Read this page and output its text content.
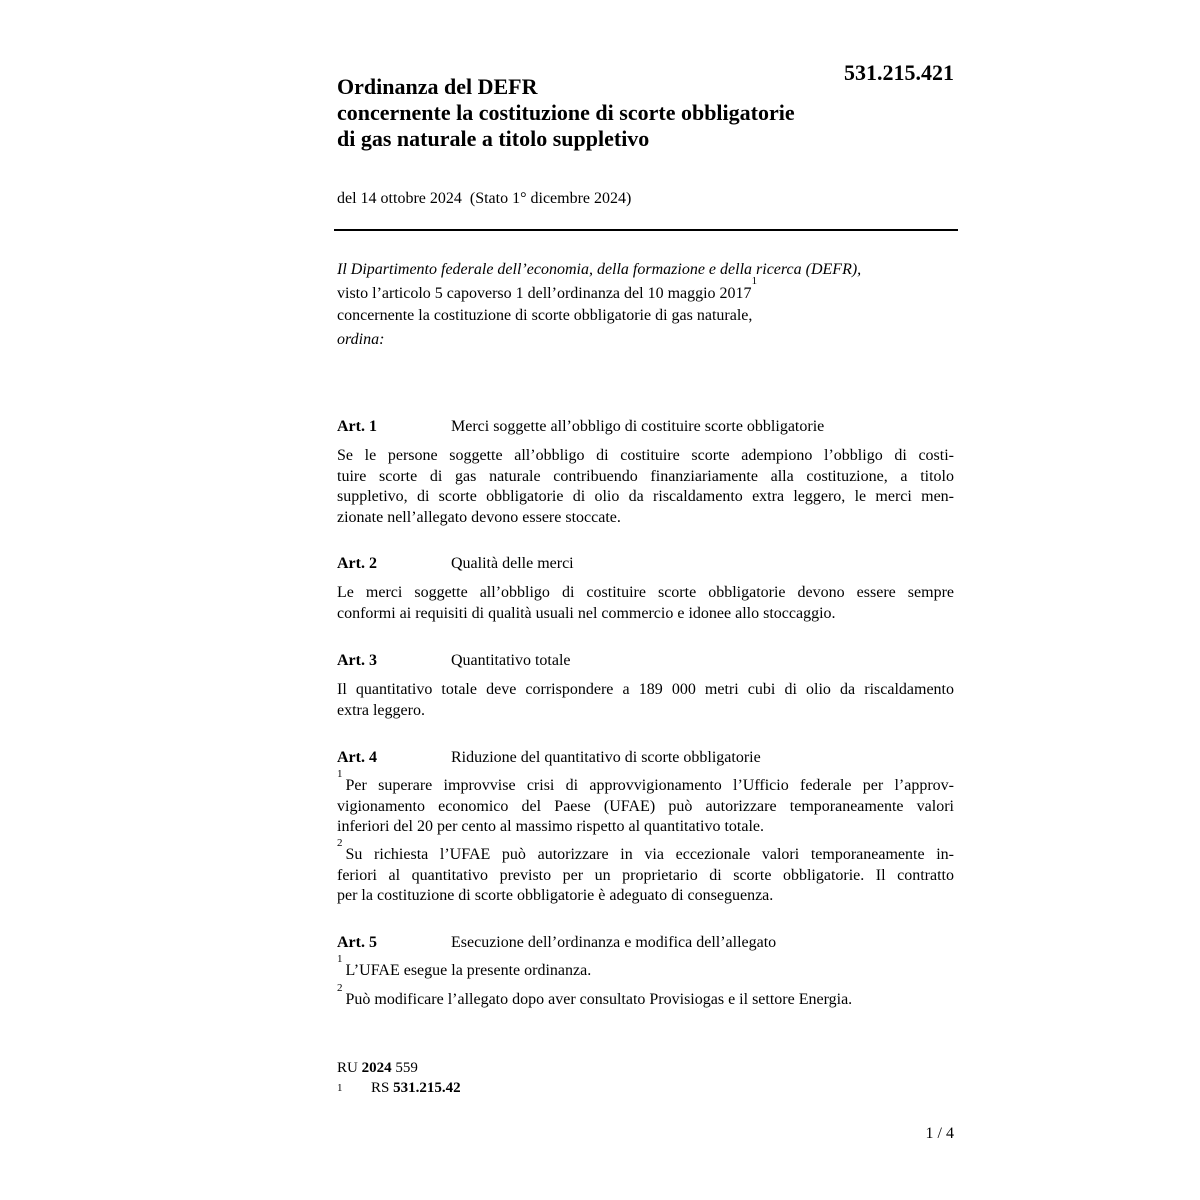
531.215.421
Ordinanza del DEFR
concernente la costituzione di scorte obbligatorie
di gas naturale a titolo suppletivo
del 14 ottobre 2024 (Stato 1° dicembre 2024)
Il Dipartimento federale dell’economia, della formazione e della ricerca (DEFR),
visto l’articolo 5 capoverso 1 dell’ordinanza del 10 maggio 2017$^1$
concernente la costituzione di scorte obbligatorie di gas naturale,
ordina:
Art. 1	Merci soggette all’obbligo di costituire scorte obbligatorie
Se le persone soggette all’obbligo di costituire scorte adempiono l’obbligo di costi-
tuire scorte di gas naturale contribuendo finanziariamente alla costituzione, a titolo
suppletivo, di scorte obbligatorie di olio da riscaldamento extra leggero, le merci men-
zionate nell’allegato devono essere stoccate.
Art. 2	Qualità delle merci
Le merci soggette all’obbligo di costituire scorte obbligatorie devono essere sempre
conformi ai requisiti di qualità usuali nel commercio e idonee allo stoccaggio.
Art. 3	Quantitativo totale
Il quantitativo totale deve corrispondere a 189 000 metri cubi di olio da riscaldamento
extra leggero.
Art. 4	Riduzione del quantitativo di scorte obbligatorie
$^1$Per superare improvvise crisi di approvvigionamento l’Ufficio federale per l’approv-
vigionamento economico del Paese (UFAE) può autorizzare temporaneamente valori
inferiori del 20 per cento al massimo rispetto al quantitativo totale.
$^2$Su richiesta l’UFAE può autorizzare in via eccezionale valori temporaneamente in-
feriori al quantitativo previsto per un proprietario di scorte obbligatorie. Il contratto
per la costituzione di scorte obbligatorie è adeguato di conseguenza.
Art. 5	Esecuzione dell’ordinanza e modifica dell’allegato
$^1$L’UFAE esegue la presente ordinanza.
$^2$Può modificare l’allegato dopo aver consultato Provisiogas e il settore Energia.
RU 2024 559
1 RS 531.215.42
1 / 4
